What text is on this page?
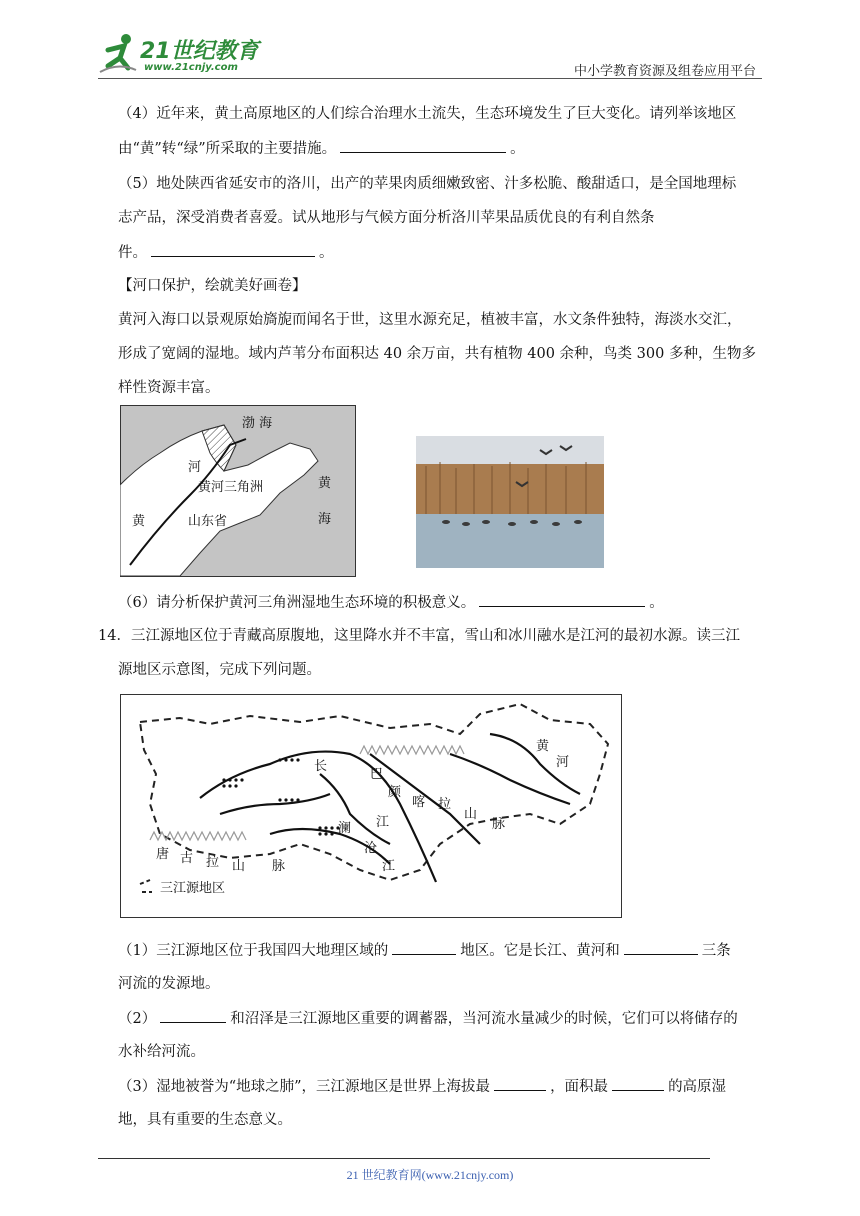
21世纪教育
www.21cnjy.com	中小学教育资源及组卷应用平台
（4）近年来，黄土高原地区的人们综合治理水土流失，生态环境发生了巨大变化。请列举该地区
由“黄”转“绿”所采取的主要措施。	。
（5）地处陕西省延安市的洛川，出产的苹果肉质细嫩致密、汁多松脆、酸甜适口，是全国地理标
志产品，深受消费者喜爱。试从地形与气候方面分析洛川苹果品质优良的有利自然条
件。	。
【河口保护，绘就美好画卷】
黄河入海口以景观原始旖旎而闻名于世，这里水源充足，植被丰富，水文条件独特，海淡水交汇，
形成了宽阔的湿地。域内芦苇分布面积达 40 余万亩，共有植物 400 余种，鸟类 300 多种，生物多
样性资源丰富。
渤 海
河
黄河三角洲	黄
海
黄	山东省
（6）请分析保护黄河三角洲湿地生态环境的积极意义。	。
14．三江源地区位于青藏高原腹地，这里降水并不丰富，雪山和冰川融水是江河的最初水源。读三江
源地区示意图，完成下列问题。
黄
河
长
江
巴
颜
喀 拉
山
脉
澜
沧
江
唐 古 拉 山 脉
三江源地区
（1）三江源地区位于我国四大地理区域的	地区。它是长江、黄河和	三条
河流的发源地。
（2）	和沼泽是三江源地区重要的调蓄器，当河流水量减少的时候，它们可以将储存的
水补给河流。
（3）湿地被誉为“地球之肺”，三江源地区是世界上海拔最	，面积最	的高原湿
地，具有重要的生态意义。
21 世纪教育网(www.21cnjy.com)
